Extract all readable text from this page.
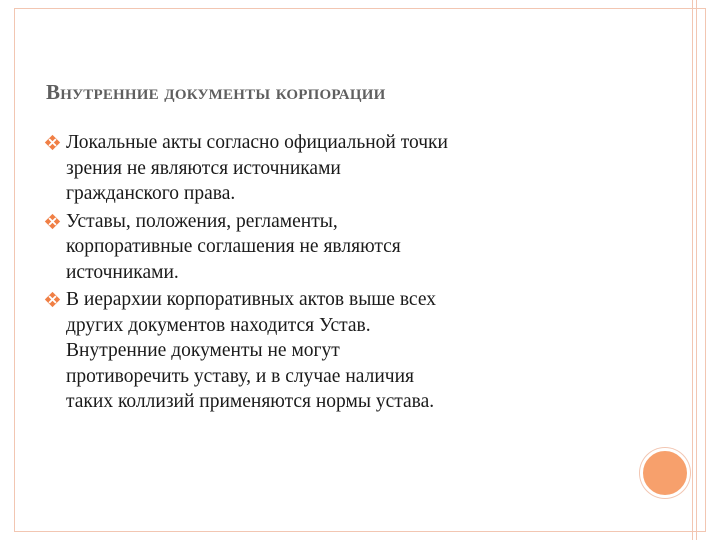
Внутренние документы корпорации
Локальные акты согласно официальной точки
зрения не являются источниками
гражданского права.
Уставы, положения, регламенты,
корпоративные соглашения не являются
источниками.
В иерархии корпоративных актов выше всех
других документов находится Устав.
Внутренние документы не могут
противоречить уставу, и в случае наличия
таких коллизий применяются нормы устава.
